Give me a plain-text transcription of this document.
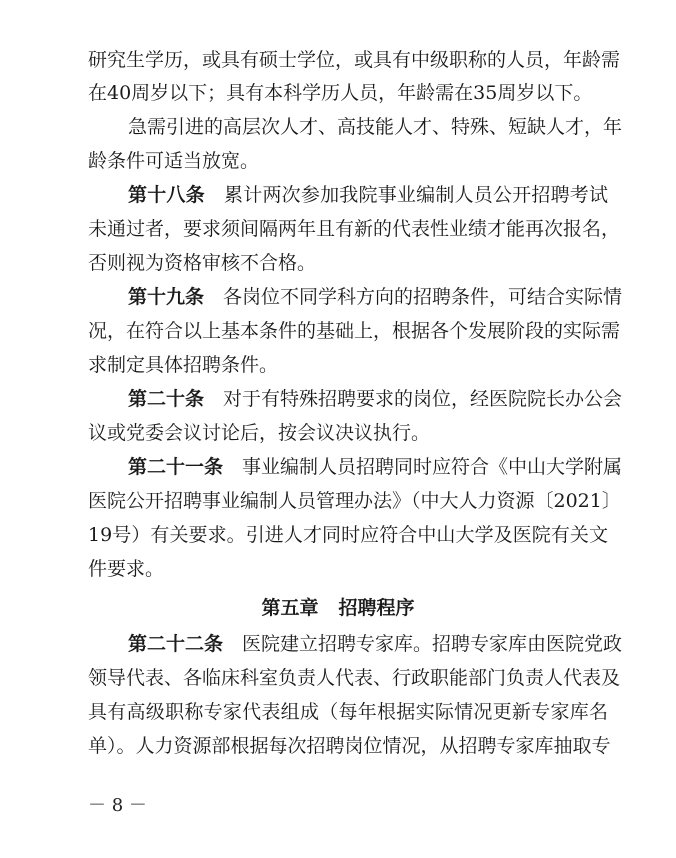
研究生学历，或具有硕士学位，或具有中级职称的人员，年龄需
在40周岁以下；具有本科学历人员，年龄需在35周岁以下。
急需引进的高层次人才、高技能人才、特殊、短缺人才，年
龄条件可适当放宽。
第十八条　累计两次参加我院事业编制人员公开招聘考试
未通过者，要求须间隔两年且有新的代表性业绩才能再次报名，
否则视为资格审核不合格。
第十九条　各岗位不同学科方向的招聘条件，可结合实际情
况，在符合以上基本条件的基础上，根据各个发展阶段的实际需
求制定具体招聘条件。
第二十条　对于有特殊招聘要求的岗位，经医院院长办公会
议或党委会议讨论后，按会议决议执行。
第二十一条　事业编制人员招聘同时应符合《中山大学附属
医院公开招聘事业编制人员管理办法》（中大人力资源〔2021〕
19号）有关要求。引进人才同时应符合中山大学及医院有关文
件要求。
第五章 招聘程序
第二十二条　医院建立招聘专家库。招聘专家库由医院党政
领导代表、各临床科室负责人代表、行政职能部门负责人代表及
具有高级职称专家代表组成（每年根据实际情况更新专家库名
单）。人力资源部根据每次招聘岗位情况，从招聘专家库抽取专
－ 8 －
